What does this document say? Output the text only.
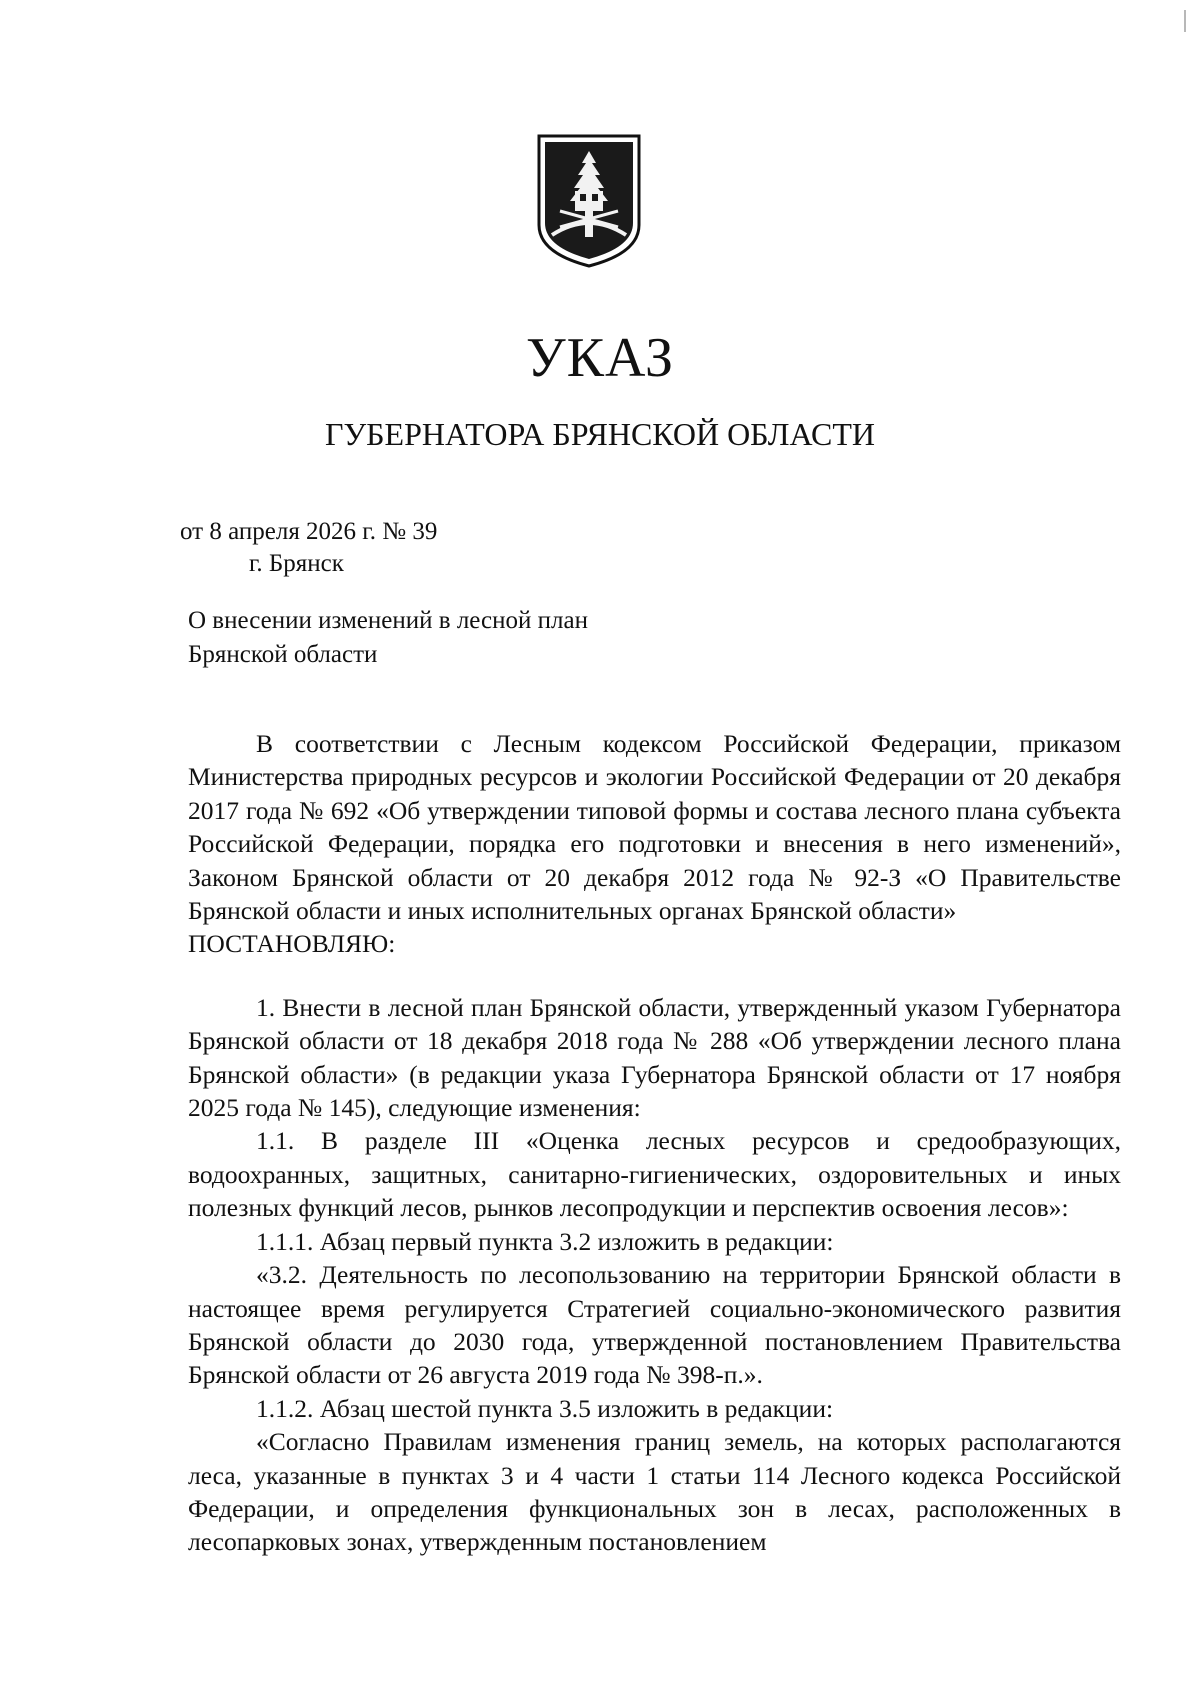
УКАЗ
ГУБЕРНАТОРА БРЯНСКОЙ ОБЛАСТИ
от 8 апреля 2026 г. № 39
г. Брянск
О внесении изменений в лесной план
Брянской области

В соответствии с Лесным кодексом Российской Федерации, приказом Министерства природных ресурсов и экологии Российской Федерации от 20 декабря 2017 года № 692 «Об утверждении типовой формы и состава лесного плана субъекта Российской Федерации, порядка его подготовки и внесения в него изменений», Законом Брянской области от 20 декабря 2012 года № 92-З «О Правительстве Брянской области и иных исполнительных органах Брянской области»

ПОСТАНОВЛЯЮ:

1. Внести в лесной план Брянской области, утвержденный указом Губернатора Брянской области от 18 декабря 2018 года № 288 «Об утверждении лесного плана Брянской области» (в редакции указа Губернатора Брянской области от 17 ноября 2025 года № 145), следующие изменения:

1.1. В разделе III «Оценка лесных ресурсов и средообразующих, водоохранных, защитных, санитарно-гигиенических, оздоровительных и иных полезных функций лесов, рынков лесопродукции и перспектив освоения лесов»:

1.1.1. Абзац первый пункта 3.2 изложить в редакции:

«3.2. Деятельность по лесопользованию на территории Брянской области в настоящее время регулируется Стратегией социально-экономического развития Брянской области до 2030 года, утвержденной постановлением Правительства Брянской области от 26 августа 2019 года № 398-п.».

1.1.2. Абзац шестой пункта 3.5 изложить в редакции:

«Согласно Правилам изменения границ земель, на которых располагаются леса, указанные в пунктах 3 и 4 части 1 статьи 114 Лесного кодекса Российской Федерации, и определения функциональных зон в лесах, расположенных в лесопарковых зонах, утвержденным постановлением
